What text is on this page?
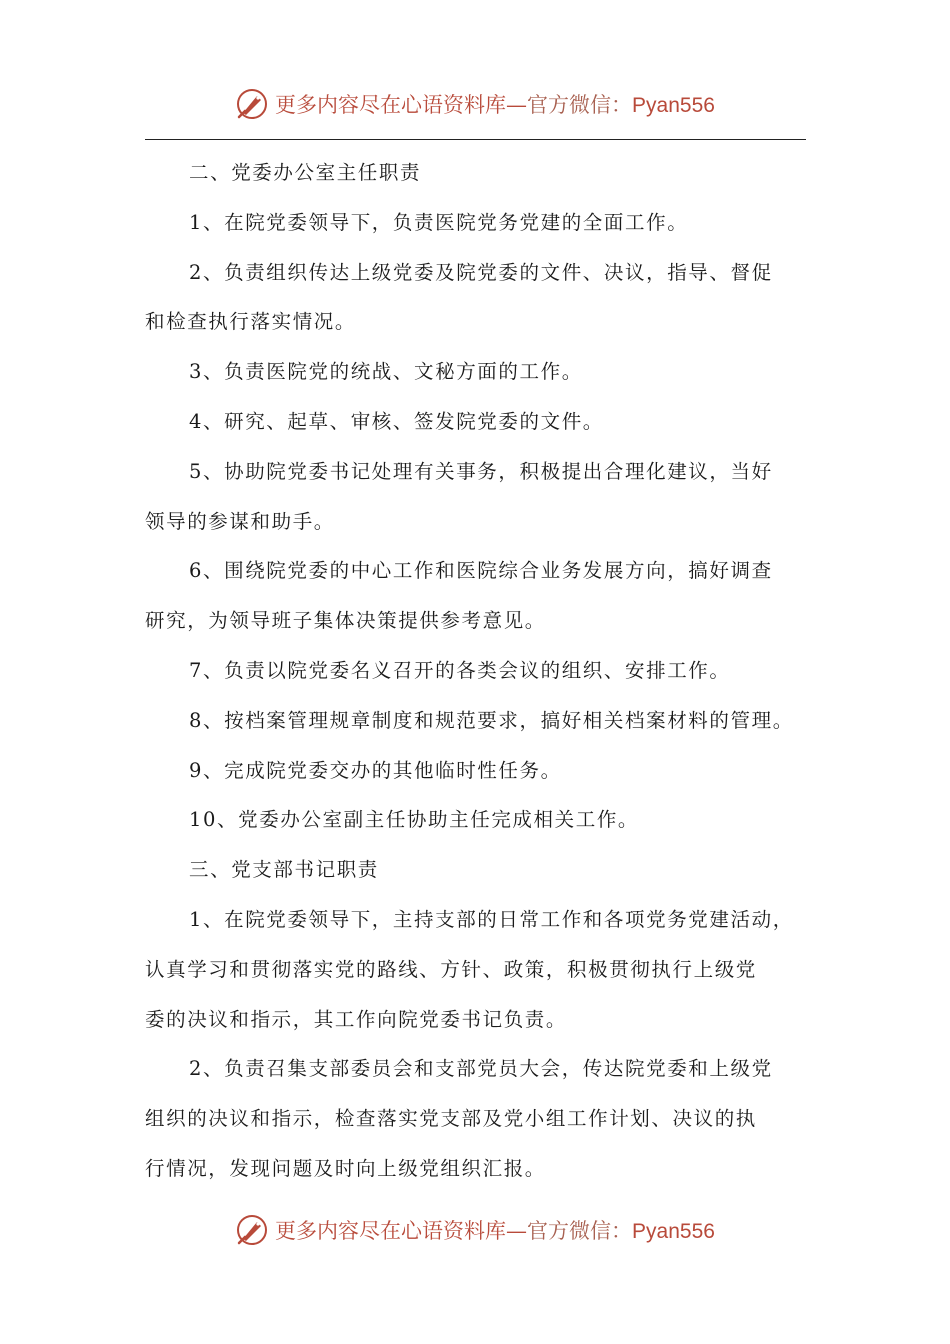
更多内容尽在心语资料库—官方微信：Pyan556
二、党委办公室主任职责
1、在院党委领导下，负责医院党务党建的全面工作。
2、负责组织传达上级党委及院党委的文件、决议，指导、督促
和检查执行落实情况。
3、负责医院党的统战、文秘方面的工作。
4、研究、起草、审核、签发院党委的文件。
5、协助院党委书记处理有关事务，积极提出合理化建议，当好
领导的参谋和助手。
6、围绕院党委的中心工作和医院综合业务发展方向，搞好调查
研究，为领导班子集体决策提供参考意见。
7、负责以院党委名义召开的各类会议的组织、安排工作。
8、按档案管理规章制度和规范要求，搞好相关档案材料的管理。
9、完成院党委交办的其他临时性任务。
10、党委办公室副主任协助主任完成相关工作。
三、党支部书记职责
1、在院党委领导下，主持支部的日常工作和各项党务党建活动，
认真学习和贯彻落实党的路线、方针、政策，积极贯彻执行上级党
委的决议和指示，其工作向院党委书记负责。
2、负责召集支部委员会和支部党员大会，传达院党委和上级党
组织的决议和指示，检查落实党支部及党小组工作计划、决议的执
行情况，发现问题及时向上级党组织汇报。
更多内容尽在心语资料库—官方微信：Pyan556
